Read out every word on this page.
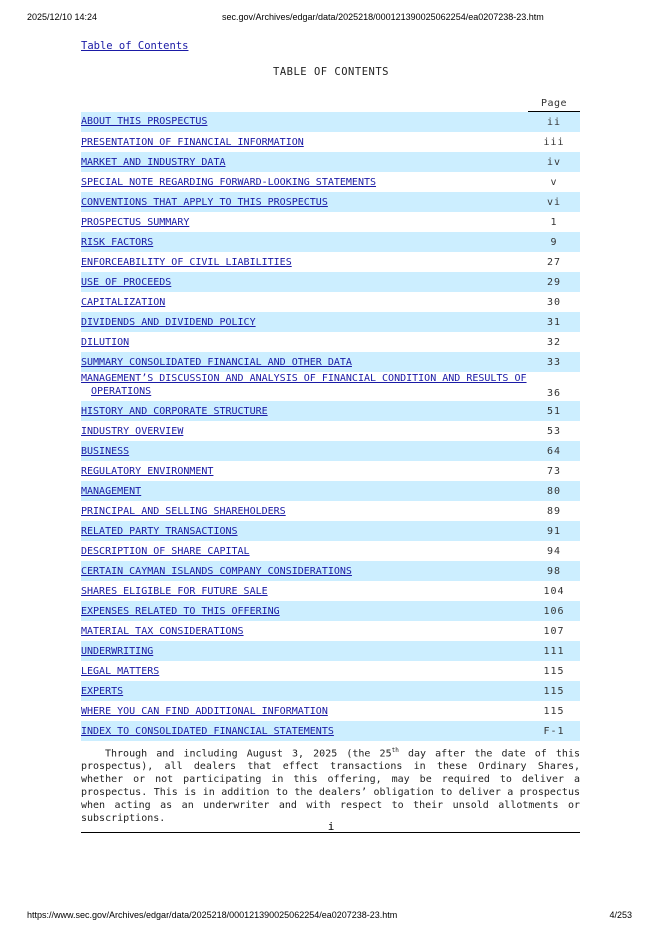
2025/12/10 14:24	sec.gov/Archives/edgar/data/2025218/000121390025062254/ea0207238-23.htm
Table of Contents
TABLE OF CONTENTS
	Page
ABOUT THIS PROSPECTUS	ii
PRESENTATION OF FINANCIAL INFORMATION	iii
MARKET AND INDUSTRY DATA	iv
SPECIAL NOTE REGARDING FORWARD-LOOKING STATEMENTS	v
CONVENTIONS THAT APPLY TO THIS PROSPECTUS	vi
PROSPECTUS SUMMARY	1
RISK FACTORS	9
ENFORCEABILITY OF CIVIL LIABILITIES	27
USE OF PROCEEDS	29
CAPITALIZATION	30
DIVIDENDS AND DIVIDEND POLICY	31
DILUTION	32
SUMMARY CONSOLIDATED FINANCIAL AND OTHER DATA	33
MANAGEMENT’S DISCUSSION AND ANALYSIS OF FINANCIAL CONDITION AND RESULTS OF
OPERATIONS	36
HISTORY AND CORPORATE STRUCTURE	51
INDUSTRY OVERVIEW	53
BUSINESS	64
REGULATORY ENVIRONMENT	73
MANAGEMENT	80
PRINCIPAL AND SELLING SHAREHOLDERS	89
RELATED PARTY TRANSACTIONS	91
DESCRIPTION OF SHARE CAPITAL	94
CERTAIN CAYMAN ISLANDS COMPANY CONSIDERATIONS	98
SHARES ELIGIBLE FOR FUTURE SALE	104
EXPENSES RELATED TO THIS OFFERING	106
MATERIAL TAX CONSIDERATIONS	107
UNDERWRITING	111
LEGAL MATTERS	115
EXPERTS	115
WHERE YOU CAN FIND ADDITIONAL INFORMATION	115
INDEX TO CONSOLIDATED FINANCIAL STATEMENTS	F-1
Through and including August 3, 2025 (the 25th day after the date of this prospectus), all dealers that effect transactions in these Ordinary Shares, whether or not participating in this offering, may be required to deliver a prospectus. This is in addition to the dealers’ obligation to deliver a prospectus when acting as an underwriter and with respect to their unsold allotments or subscriptions.
i
https://www.sec.gov/Archives/edgar/data/2025218/000121390025062254/ea0207238-23.htm	4/253
